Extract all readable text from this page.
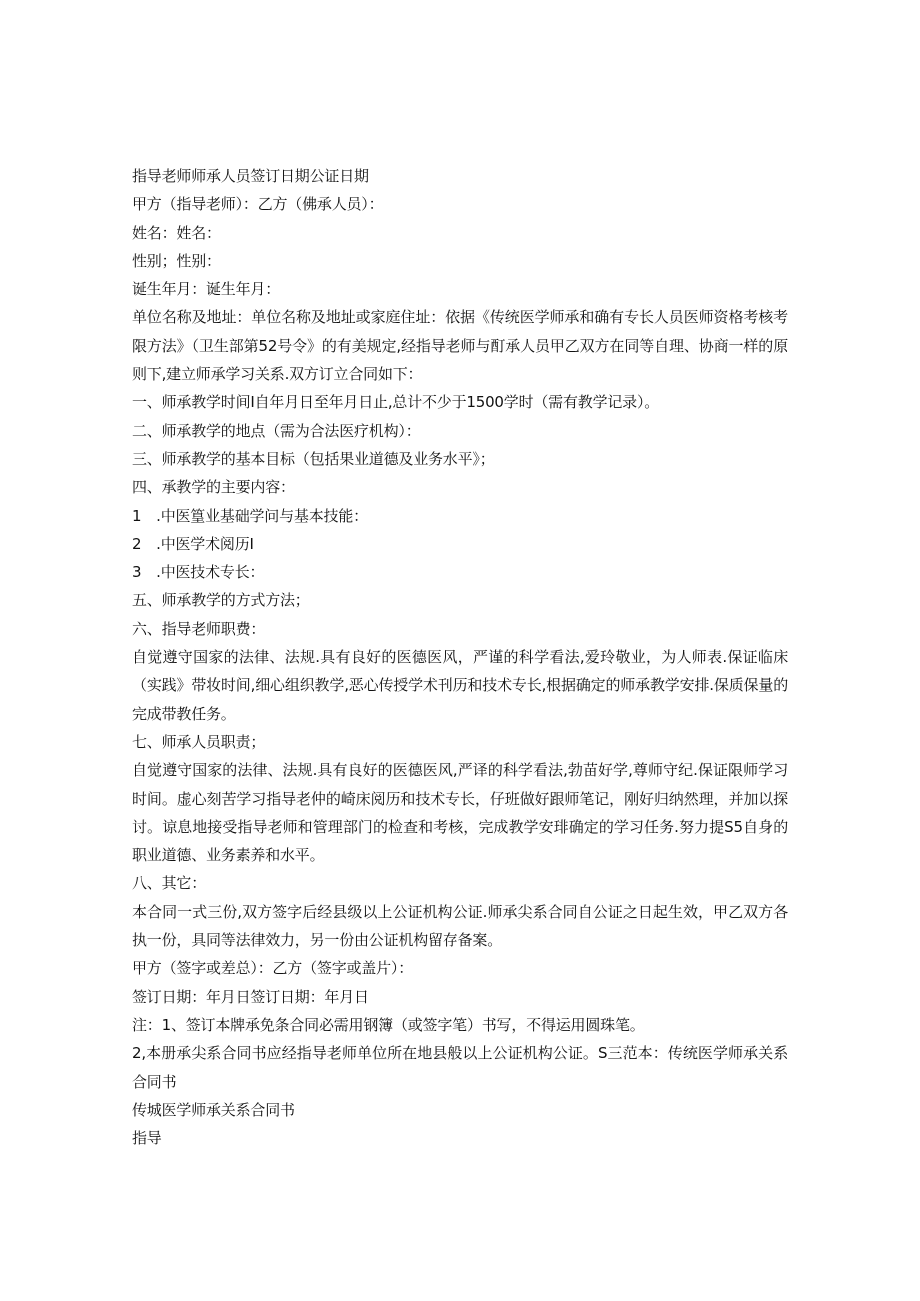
指导老师师承人员签订日期公证日期
甲方（指导老师）：乙方（佛承人员）：
姓名：姓名：
性别；性别：
诞生年月：诞生年月：
单位名称及地址：单位名称及地址或家庭住址：依据《传统医学师承和确有专长人员医师资格考核考限方法》（卫生部第52号令》的有美规定,经指导老师与酊承人员甲乙双方在同等自理、协商一样的原则下,建立师承学习关系.双方订立合同如下：
一、师承教学时间I自年月日至年月日止,总计不少于1500学时（需有教学记录）。
二、师承教学的地点（需为合法医疗机构）：
三、师承教学的基本目标（包括果业道德及业务水平》；
四、承教学的主要内容：
1　.中医篁业基础学问与基本技能：
2　.中医学术阅历I
3　.中医技术专长：
五、师承教学的方式方法；
六、指导老师职费：
自觉遵守国家的法律、法规.具有良好的医德医风，严谨的科学看法,爱玲敬业，为人师表.保证临床（实践》带妆时间,细心组织教学,恶心传授学术刊历和技术专长,根据确定的师承教学安排.保质保量的完成带教任务。
七、师承人员职责；
自觉遵守国家的法律、法规.具有良好的医德医风,严译的科学看法,勃苗好学,尊师守纪.保证限师学习时间。虚心刻苦学习指导老仲的崎床阅历和技术专长，仔班做好跟师笔记，刚好归纳然理，并加以探讨。谅息地接受指导老师和管理部门的检查和考核，完成教学安琲确定的学习任务.努力提S5自身的职业道德、业务素养和水平。
八、其它：
本合同一式三份,双方签字后经县级以上公证机构公证.师承尖系合同自公证之日起生效，甲乙双方各执一份，具同等法律效力，另一份由公证机构留存备案。
甲方（签字或差总）：乙方（签字或盖片）：
签订日期：年月日签订日期：年月日
注：1、签订本牌承免条合同必需用钢簿（或签字笔）书写，不得运用圆珠笔。
2,本册承尖系合同书应经指导老师单位所在地县般以上公证机构公证。S三范本：传统医学师承关系合同书
传城医学师承关系合同书
指导
